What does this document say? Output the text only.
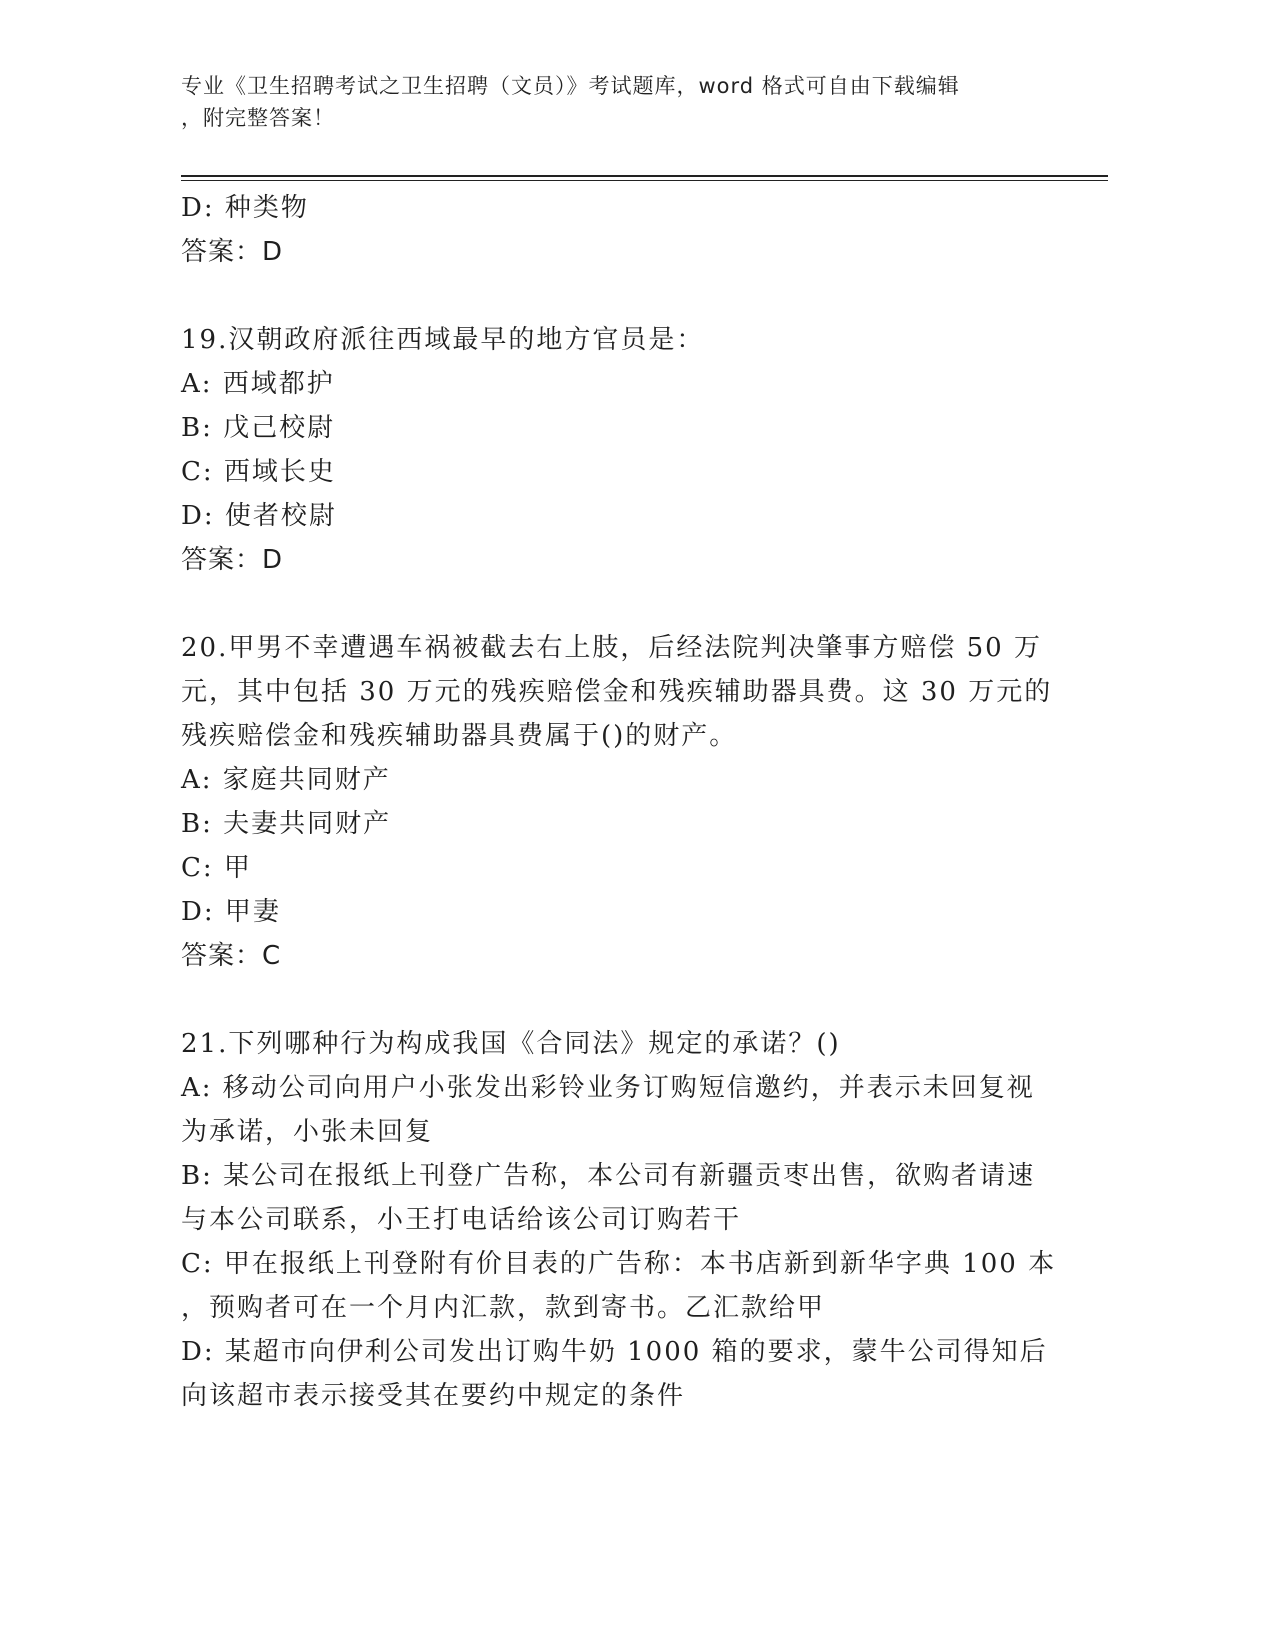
专业《卫生招聘考试之卫生招聘（文员）》考试题库，word 格式可自由下载编辑

，附完整答案！

D: 种类物

答案：D

19.汉朝政府派往西域最早的地方官员是：

A: 西域都护

B: 戊己校尉

C: 西域长史

D: 使者校尉

答案：D

20.甲男不幸遭遇车祸被截去右上肢，后经法院判决肇事方赔偿 50 万

元，其中包括 30 万元的残疾赔偿金和残疾辅助器具费。这 30 万元的

残疾赔偿金和残疾辅助器具费属于()的财产。

A: 家庭共同财产

B: 夫妻共同财产

C: 甲

D: 甲妻

答案：C

21.下列哪种行为构成我国《合同法》规定的承诺？()

A: 移动公司向用户小张发出彩铃业务订购短信邀约，并表示未回复视

为承诺，小张未回复

B: 某公司在报纸上刊登广告称，本公司有新疆贡枣出售，欲购者请速

与本公司联系，小王打电话给该公司订购若干

C: 甲在报纸上刊登附有价目表的广告称：本书店新到新华字典 100 本

，预购者可在一个月内汇款，款到寄书。乙汇款给甲

D: 某超市向伊利公司发出订购牛奶 1000 箱的要求，蒙牛公司得知后

向该超市表示接受其在要约中规定的条件
